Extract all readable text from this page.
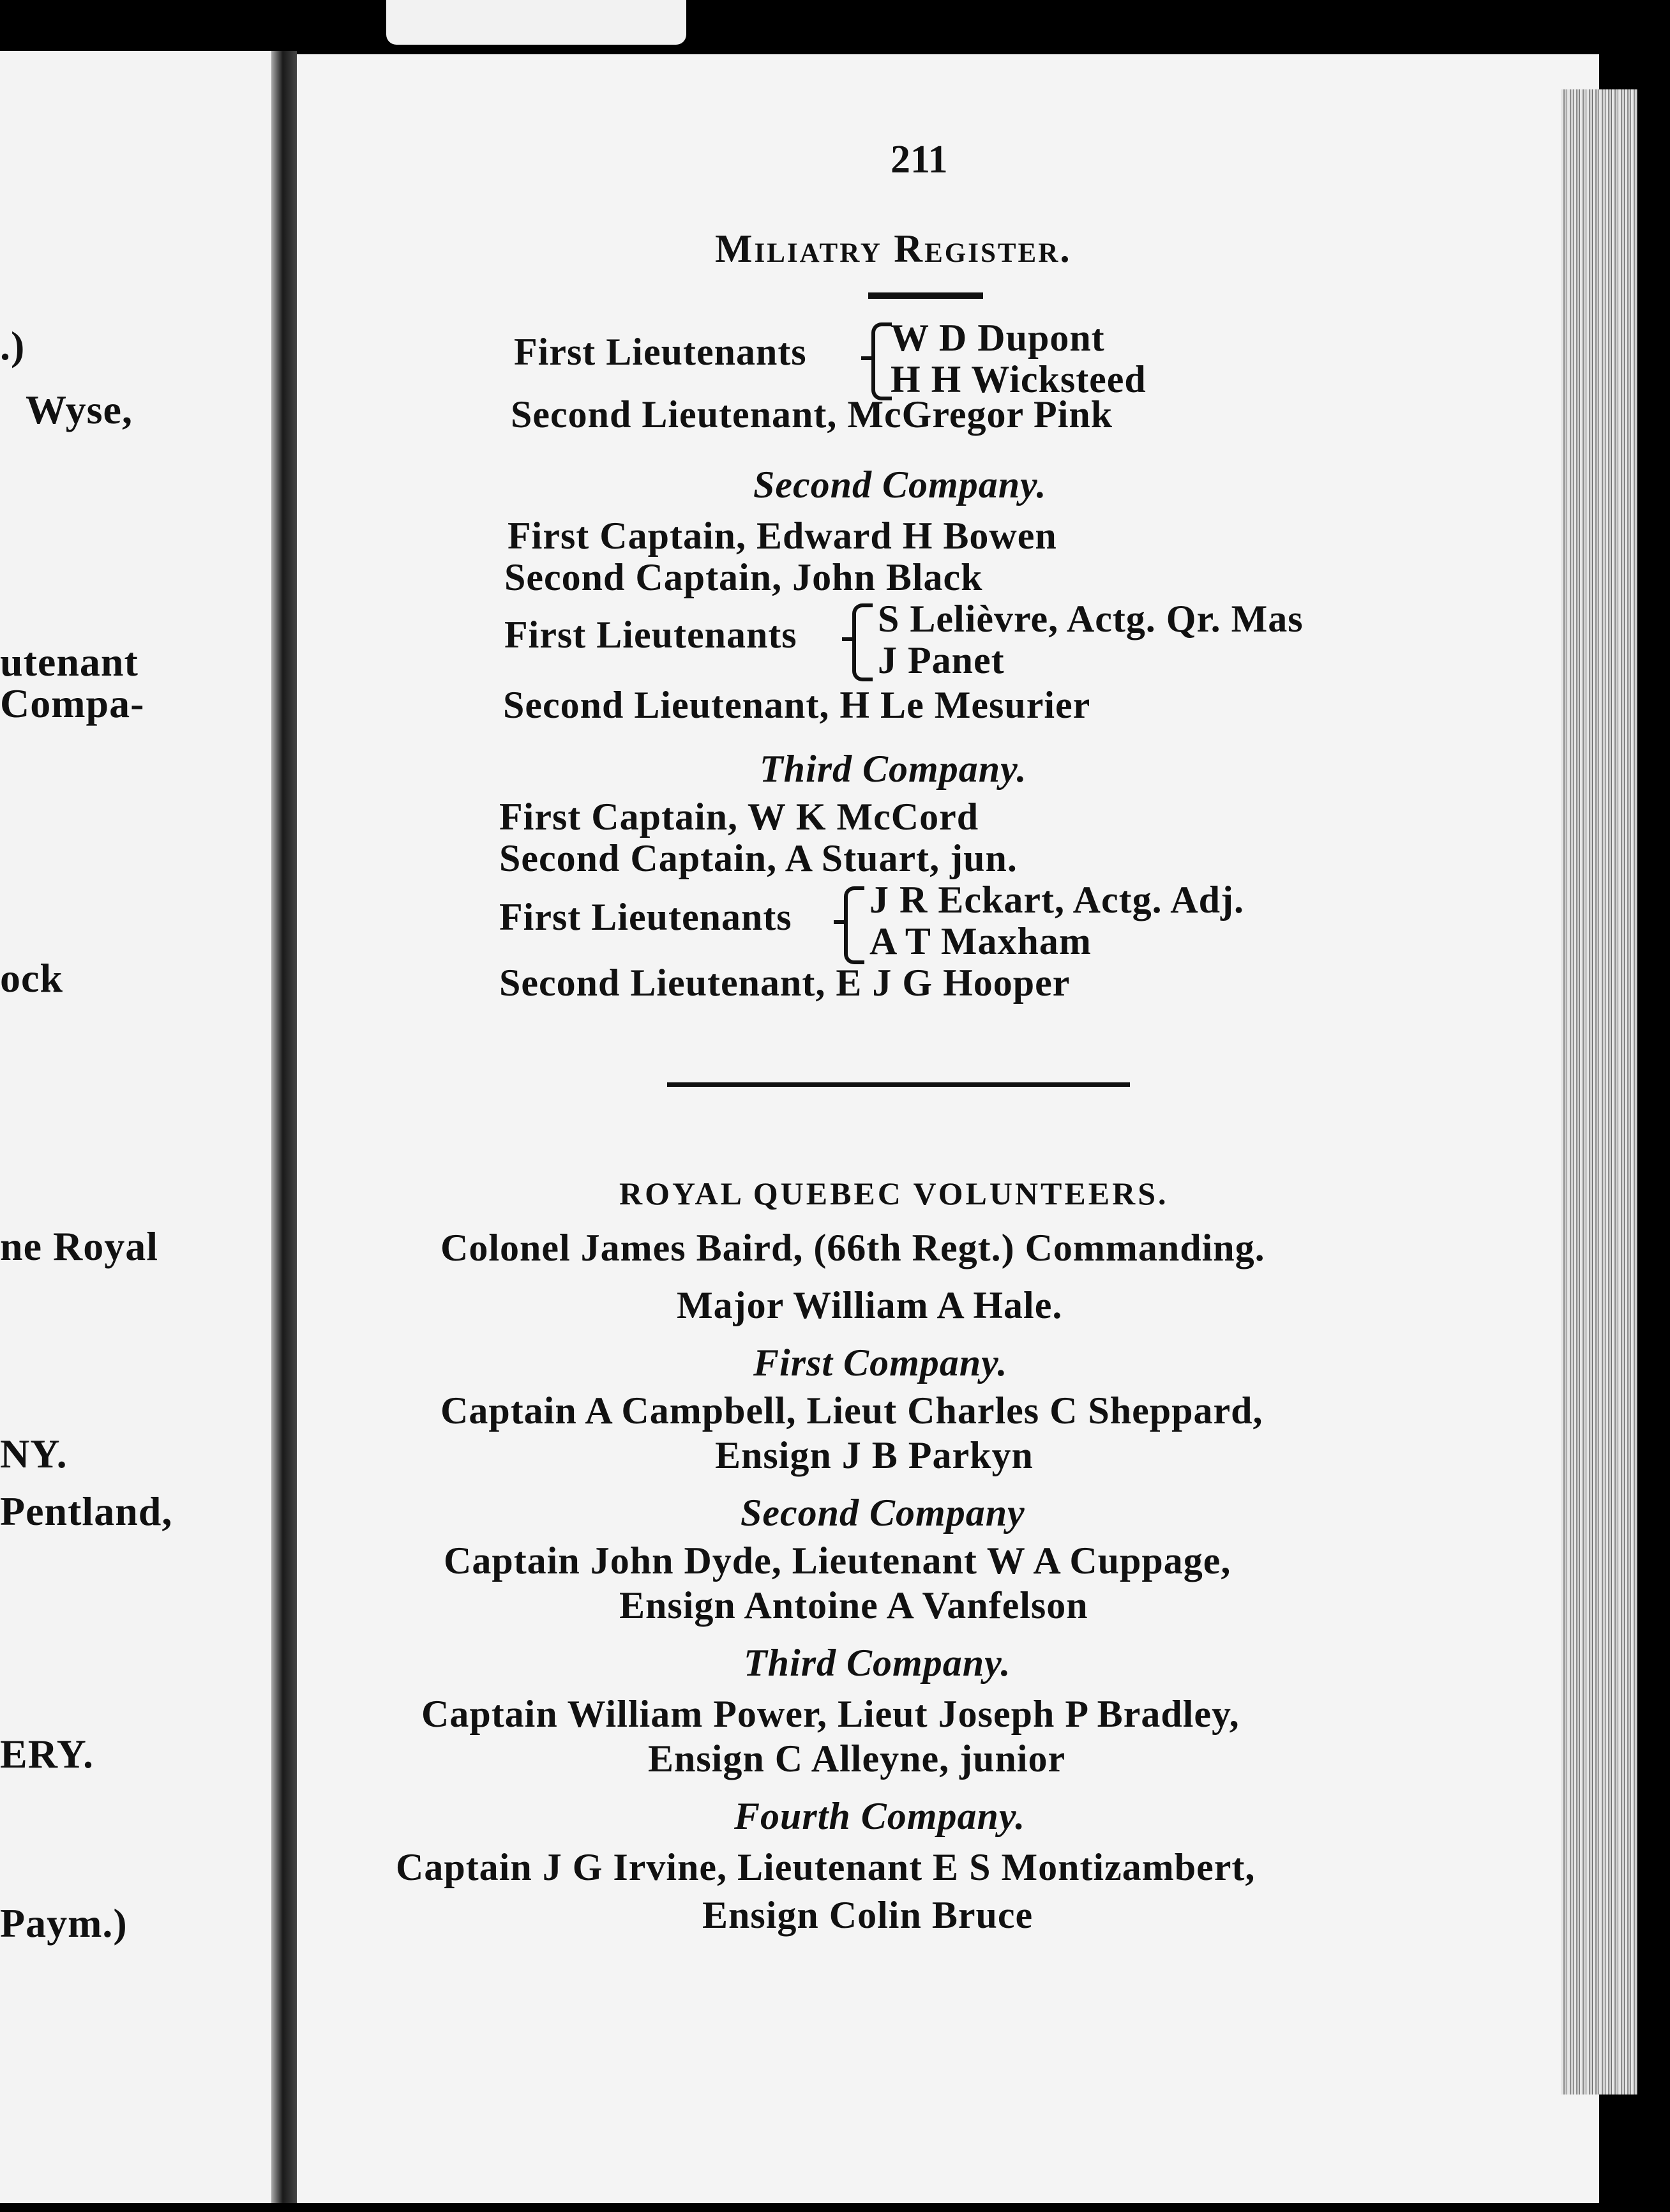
.)
Wyse,
utenant
Compa-
ock
ne Royal
NY.
Pentland,
ERY.
Paym.)
211
Miliatry Register.
First Lieutenants W D Dupont
H H Wicksteed
Second Lieutenant, McGregor Pink
Second Company.
First Captain, Edward H Bowen
Second Captain, John Black
First Lieutenants S Lelièvre, Actg. Qr. Mas
J Panet
Second Lieutenant, H Le Mesurier
Third Company.
First Captain, W K McCord
Second Captain, A Stuart, jun.
First Lieutenants J R Eckart, Actg. Adj.
A T Maxham
Second Lieutenant, E J G Hooper
ROYAL QUEBEC VOLUNTEERS.
Colonel James Baird, (66th Regt.) Commanding.
Major William A Hale.
First Company.
Captain A Campbell, Lieut Charles C Sheppard,
Ensign J B Parkyn
Second Company
Captain John Dyde, Lieutenant W A Cuppage,
Ensign Antoine A Vanfelson
Third Company.
Captain William Power, Lieut Joseph P Bradley,
Ensign C Alleyne, junior
Fourth Company.
Captain J G Irvine, Lieutenant E S Montizambert,
Ensign Colin Bruce
